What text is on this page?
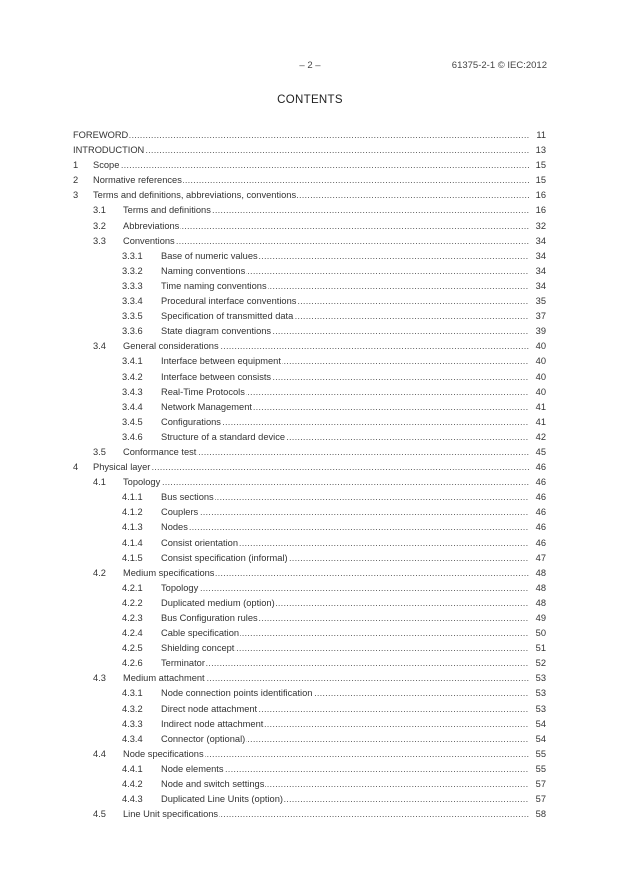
– 2 –	61375-2-1 © IEC:2012
CONTENTS
FOREWORD .....	11
INTRODUCTION .....	13
1 Scope .....	15
2 Normative references .....	15
3 Terms and definitions, abbreviations, conventions .....	16
3.1 Terms and definitions .....	16
3.2 Abbreviations .....	32
3.3 Conventions .....	34
3.3.1 Base of numeric values .....	34
3.3.2 Naming conventions .....	34
3.3.3 Time naming conventions .....	34
3.3.4 Procedural interface conventions .....	35
3.3.5 Specification of transmitted data .....	37
3.3.6 State diagram conventions .....	39
3.4 General considerations .....	40
3.4.1 Interface between equipment .....	40
3.4.2 Interface between consists .....	40
3.4.3 Real-Time Protocols .....	40
3.4.4 Network Management .....	41
3.4.5 Configurations .....	41
3.4.6 Structure of a standard device .....	42
3.5 Conformance test .....	45
4 Physical layer .....	46
4.1 Topology .....	46
4.1.1 Bus sections .....	46
4.1.2 Couplers .....	46
4.1.3 Nodes .....	46
4.1.4 Consist orientation .....	46
4.1.5 Consist specification (informal) .....	47
4.2 Medium specifications .....	48
4.2.1 Topology .....	48
4.2.2 Duplicated medium (option) .....	48
4.2.3 Bus Configuration rules .....	49
4.2.4 Cable specification .....	50
4.2.5 Shielding concept .....	51
4.2.6 Terminator .....	52
4.3 Medium attachment .....	53
4.3.1 Node connection points identification .....	53
4.3.2 Direct node attachment .....	53
4.3.3 Indirect node attachment .....	54
4.3.4 Connector (optional) .....	54
4.4 Node specifications .....	55
4.4.1 Node elements .....	55
4.4.2 Node and switch settings .....	57
4.4.3 Duplicated Line Units (option) .....	57
4.5 Line Unit specifications .....	58
